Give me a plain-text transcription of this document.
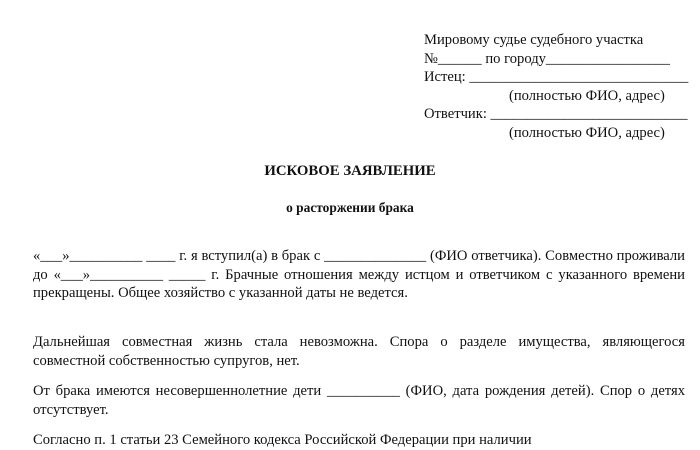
Мировому судье судебного участка
№______ по городу_________________
Истец: ______________________________
(полностью ФИО, адрес)
Ответчик: ___________________________
(полностью ФИО, адрес)
ИСКОВОЕ ЗАЯВЛЕНИЕ
о расторжении брака
«___»__________ ____ г. я вступил(а) в брак с ______________ (ФИО ответчика). Совместно проживали до «___»__________ _____ г. Брачные отношения между истцом и ответчиком с указанного времени прекращены. Общее хозяйство с указанной даты не ведется.
Дальнейшая совместная жизнь стала невозможна. Спора о разделе имущества, являющегося совместной собственностью супругов, нет.
От брака имеются несовершеннолетние дети __________ (ФИО, дата рождения детей). Спор о детях отсутствует.
Согласно п. 1 статьи 23 Семейного кодекса Российской Федерации при наличии
